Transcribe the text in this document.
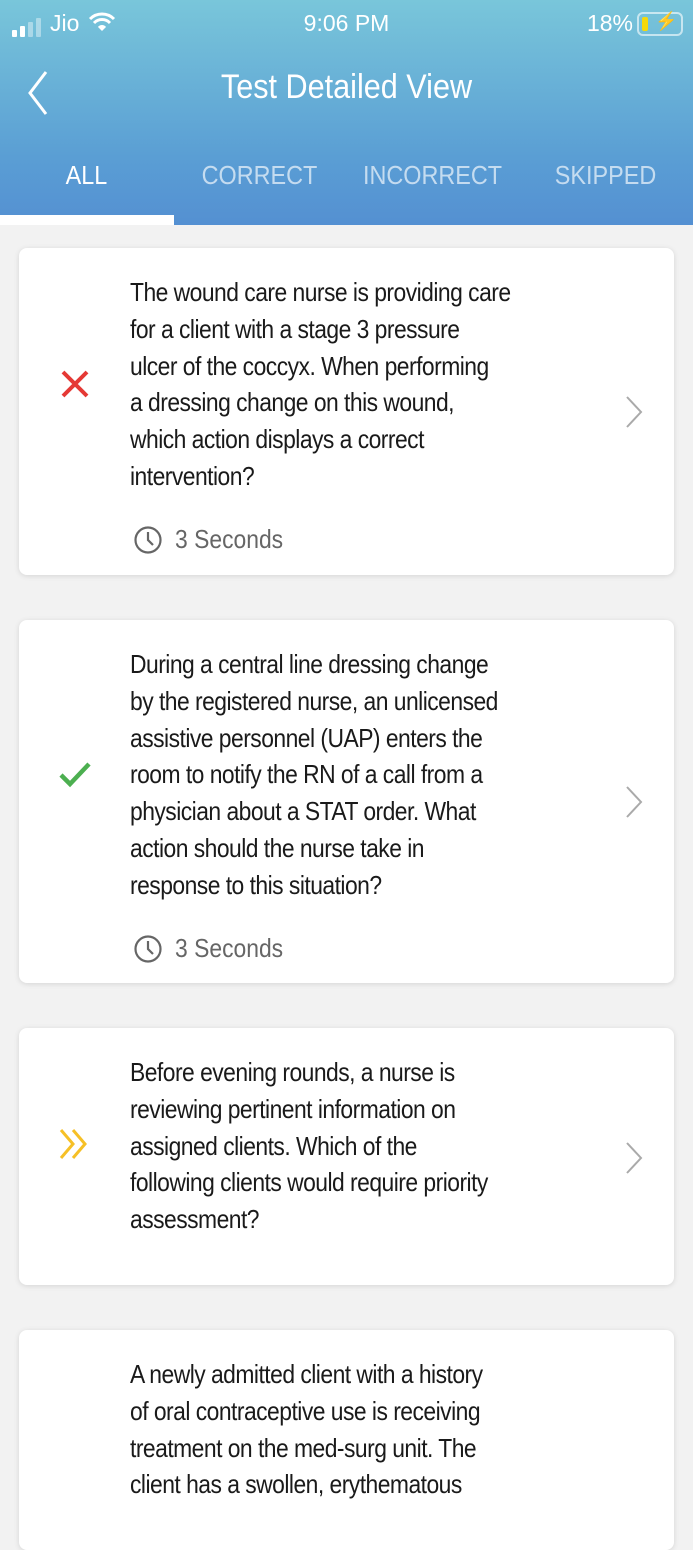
Jio	9:06 PM	18% ⚡
Test Detailed View
ALL	CORRECT	INCORRECT	SKIPPED
The wound care nurse is providing care
for a client with a stage 3 pressure
ulcer of the coccyx. When performing
a dressing change on this wound,
which action displays a correct
intervention?
3 Seconds
During a central line dressing change
by the registered nurse, an unlicensed
assistive personnel (UAP) enters the
room to notify the RN of a call from a
physician about a STAT order. What
action should the nurse take in
response to this situation?
3 Seconds
Before evening rounds, a nurse is
reviewing pertinent information on
assigned clients. Which of the
following clients would require priority
assessment?
A newly admitted client with a history
of oral contraceptive use is receiving
treatment on the med-surg unit. The
client has a swollen, erythematous
